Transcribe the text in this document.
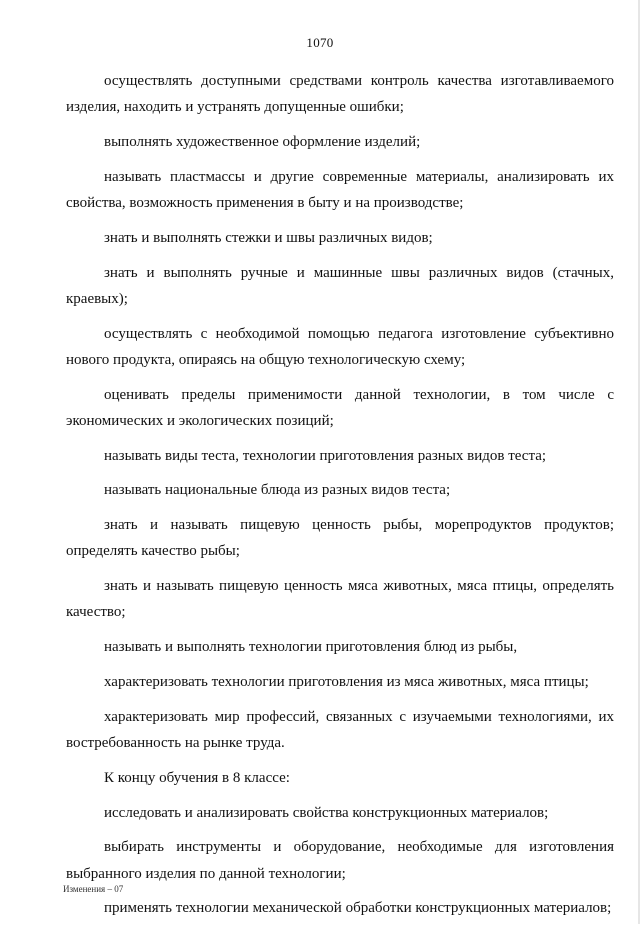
1070

осуществлять доступными средствами контроль качества изготавливаемого изделия, находить и устранять допущенные ошибки;

выполнять художественное оформление изделий;

называть пластмассы и другие современные материалы, анализировать их свойства, возможность применения в быту и на производстве;

знать и выполнять стежки и швы различных видов;

знать и выполнять ручные и машинные швы различных видов (стачных, краевых);

осуществлять с необходимой помощью педагога изготовление субъективно нового продукта, опираясь на общую технологическую схему;

оценивать пределы применимости данной технологии, в том числе с экономических и экологических позиций;

называть виды теста, технологии приготовления разных видов теста;

называть национальные блюда из разных видов теста;

знать и называть пищевую ценность рыбы, морепродуктов продуктов; определять качество рыбы;

знать и называть пищевую ценность мяса животных, мяса птицы, определять качество;

называть и выполнять технологии приготовления блюд из рыбы,

характеризовать технологии приготовления из мяса животных, мяса птицы;

характеризовать мир профессий, связанных с изучаемыми технологиями, их востребованность на рынке труда.

К концу обучения в 8 классе:

исследовать и анализировать свойства конструкционных материалов;

выбирать инструменты и оборудование, необходимые для изготовления выбранного изделия по данной технологии;

применять технологии механической обработки конструкционных материалов;

Изменения – 07
